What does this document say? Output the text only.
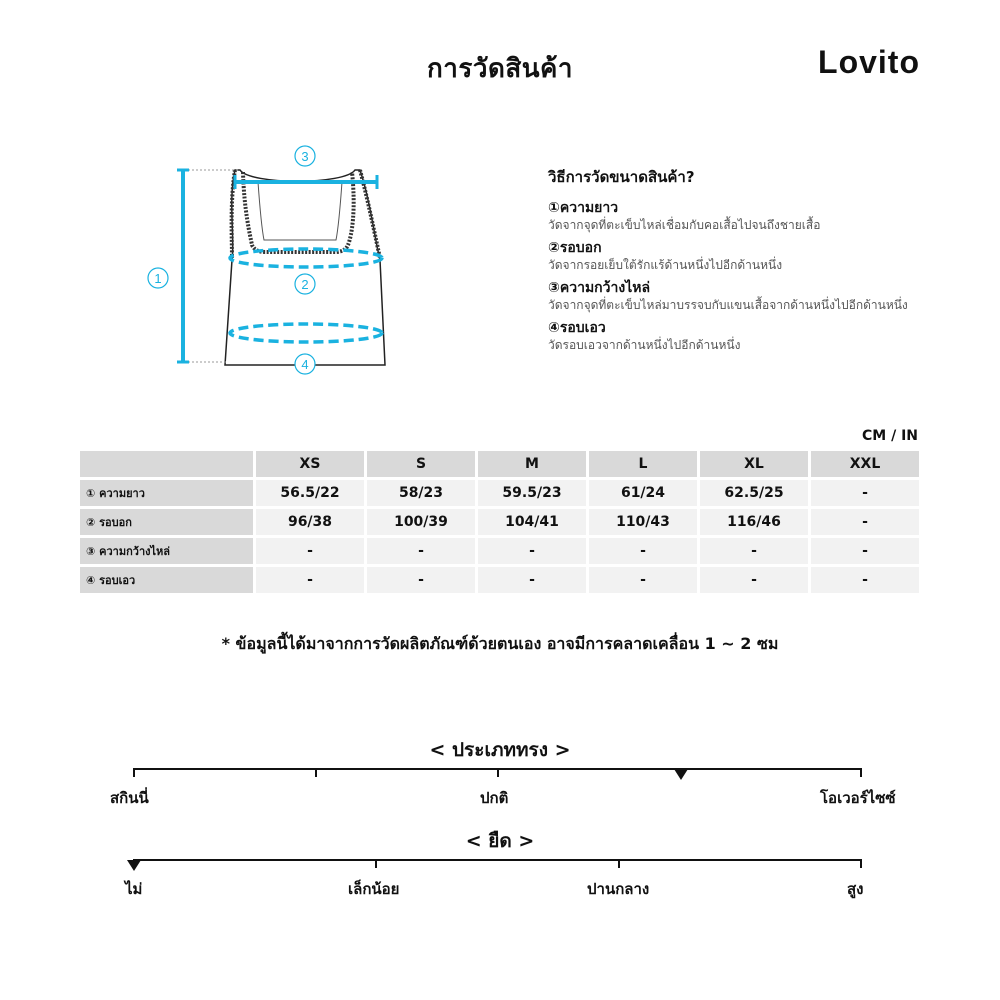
การวัดสินค้า	Lovito
1
3
2
4
วิธีการวัดขนาดสินค้า?
①ความยาว
วัดจากจุดที่ตะเข็บไหล่เชื่อมกับคอเสื้อไปจนถึงชายเสื้อ
②รอบอก
วัดจากรอยเย็บใต้รักแร้ด้านหนึ่งไปอีกด้านหนึ่ง
③ความกว้างไหล่
วัดจากจุดที่ตะเข็บไหล่มาบรรจบกับแขนเสื้อจากด้านหนึ่งไปอีกด้านหนึ่ง
④รอบเอว
วัดรอบเอวจากด้านหนึ่งไปอีกด้านหนึ่ง
CM / IN
	XS	S	M	L	XL	XXL
① ความยาว	56.5/22	58/23	59.5/23	61/24	62.5/25	-
② รอบอก	96/38	100/39	104/41	110/43	116/46	-
③ ความกว้างไหล่	-	-	-	-	-	-
④ รอบเอว	-	-	-	-	-	-
* ข้อมูลนี้ได้มาจากการวัดผลิตภัณฑ์ด้วยตนเอง อาจมีการคลาดเคลื่อน 1 ~ 2 ซม
< ประเภททรง >
สกินนี่	ปกติ	โอเวอร์ไซซ์
< ยืด >
ไม่	เล็กน้อย	ปานกลาง	สูง
